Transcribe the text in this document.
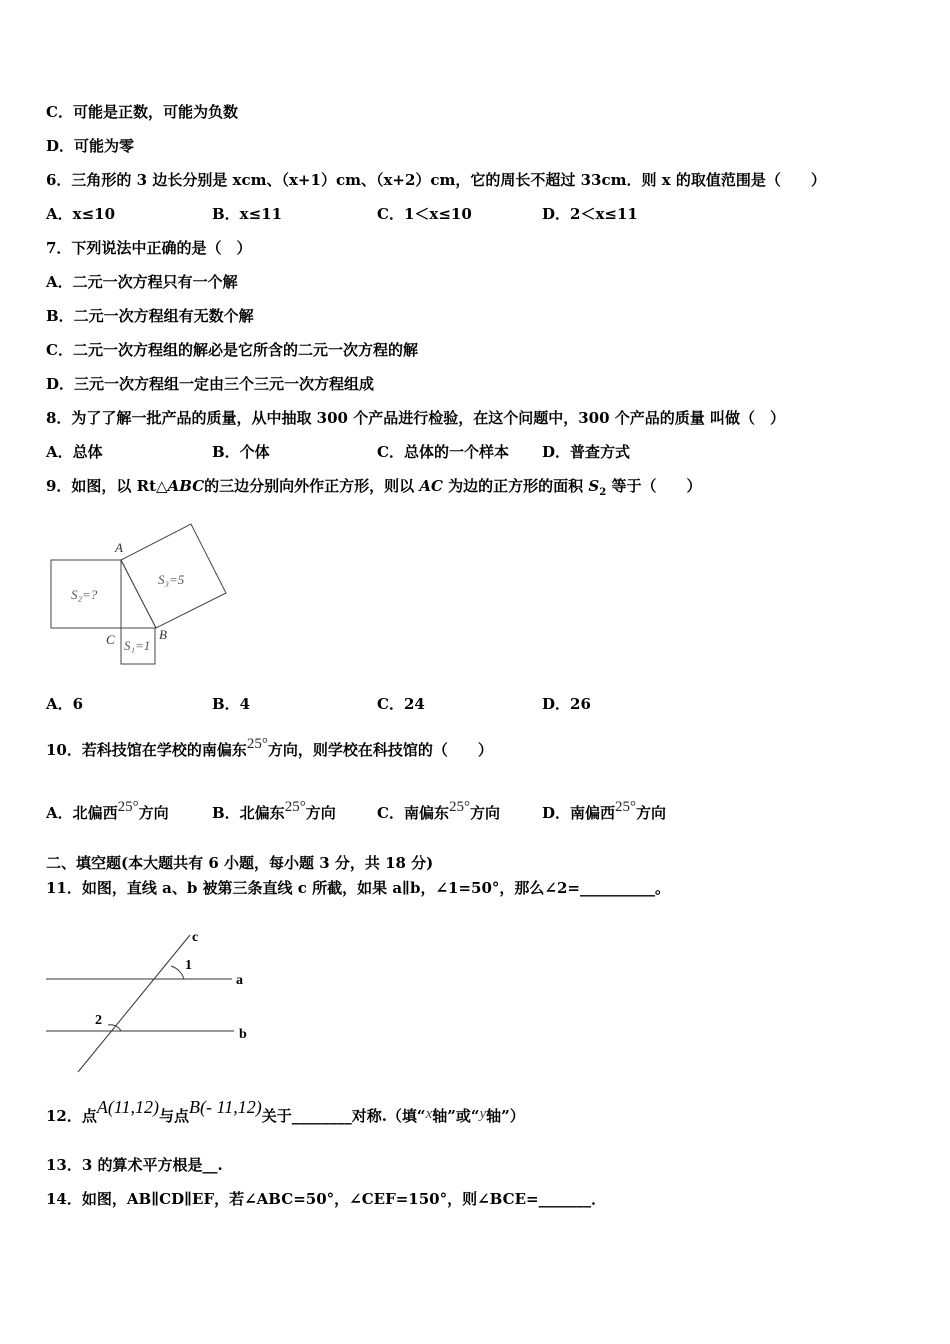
C．可能是正数，可能为负数
D．可能为零
6．三角形的 3 边长分别是 xcm、（x+1）cm、（x+2）cm，它的周长不超过 33cm．则 x 的取值范围是（　　）
A．x≤10	B．x≤11	C．1＜x≤10	D．2＜x≤11
7．下列说法中正确的是（　）
A．二元一次方程只有一个解
B．二元一次方程组有无数个解
C．二元一次方程组的解必是它所含的二元一次方程的解
D．三元一次方程组一定由三个三元一次方程组成
8．为了了解一批产品的质量，从中抽取 300 个产品进行检验，在这个问题中，300 个产品的质量 叫做（　）
A．总体	B．个体	C．总体的一个样本 D．普查方式
9．如图，以 Rt△ABC的三边分别向外作正方形，则以 AC 为边的正方形的面积 $S_2$ 等于（　　）
A
B
C
S₂=?
S₃=5
S₁=1
A．6	B．4	C．24	D．26
10．若科技馆在学校的南偏东25°方向，则学校在科技馆的（　　）
A．北偏西25°方向	B．北偏东25°方向	C．南偏东25°方向	D．南偏西25°方向
二、填空题(本大题共有 6 小题，每小题 3 分，共 18 分)
11．如图，直线 a、b 被第三条直线 c 所截，如果 a∥b，∠1=50°，那么∠2=__________。
c
a
b
1
2
12．点A(11,12)与点B(- 11,12)关于________对称.（填“x轴”或“y轴”）
13．3 的算术平方根是__.
14．如图，AB∥CD∥EF，若∠ABC=50°，∠CEF=150°，则∠BCE=_______．
